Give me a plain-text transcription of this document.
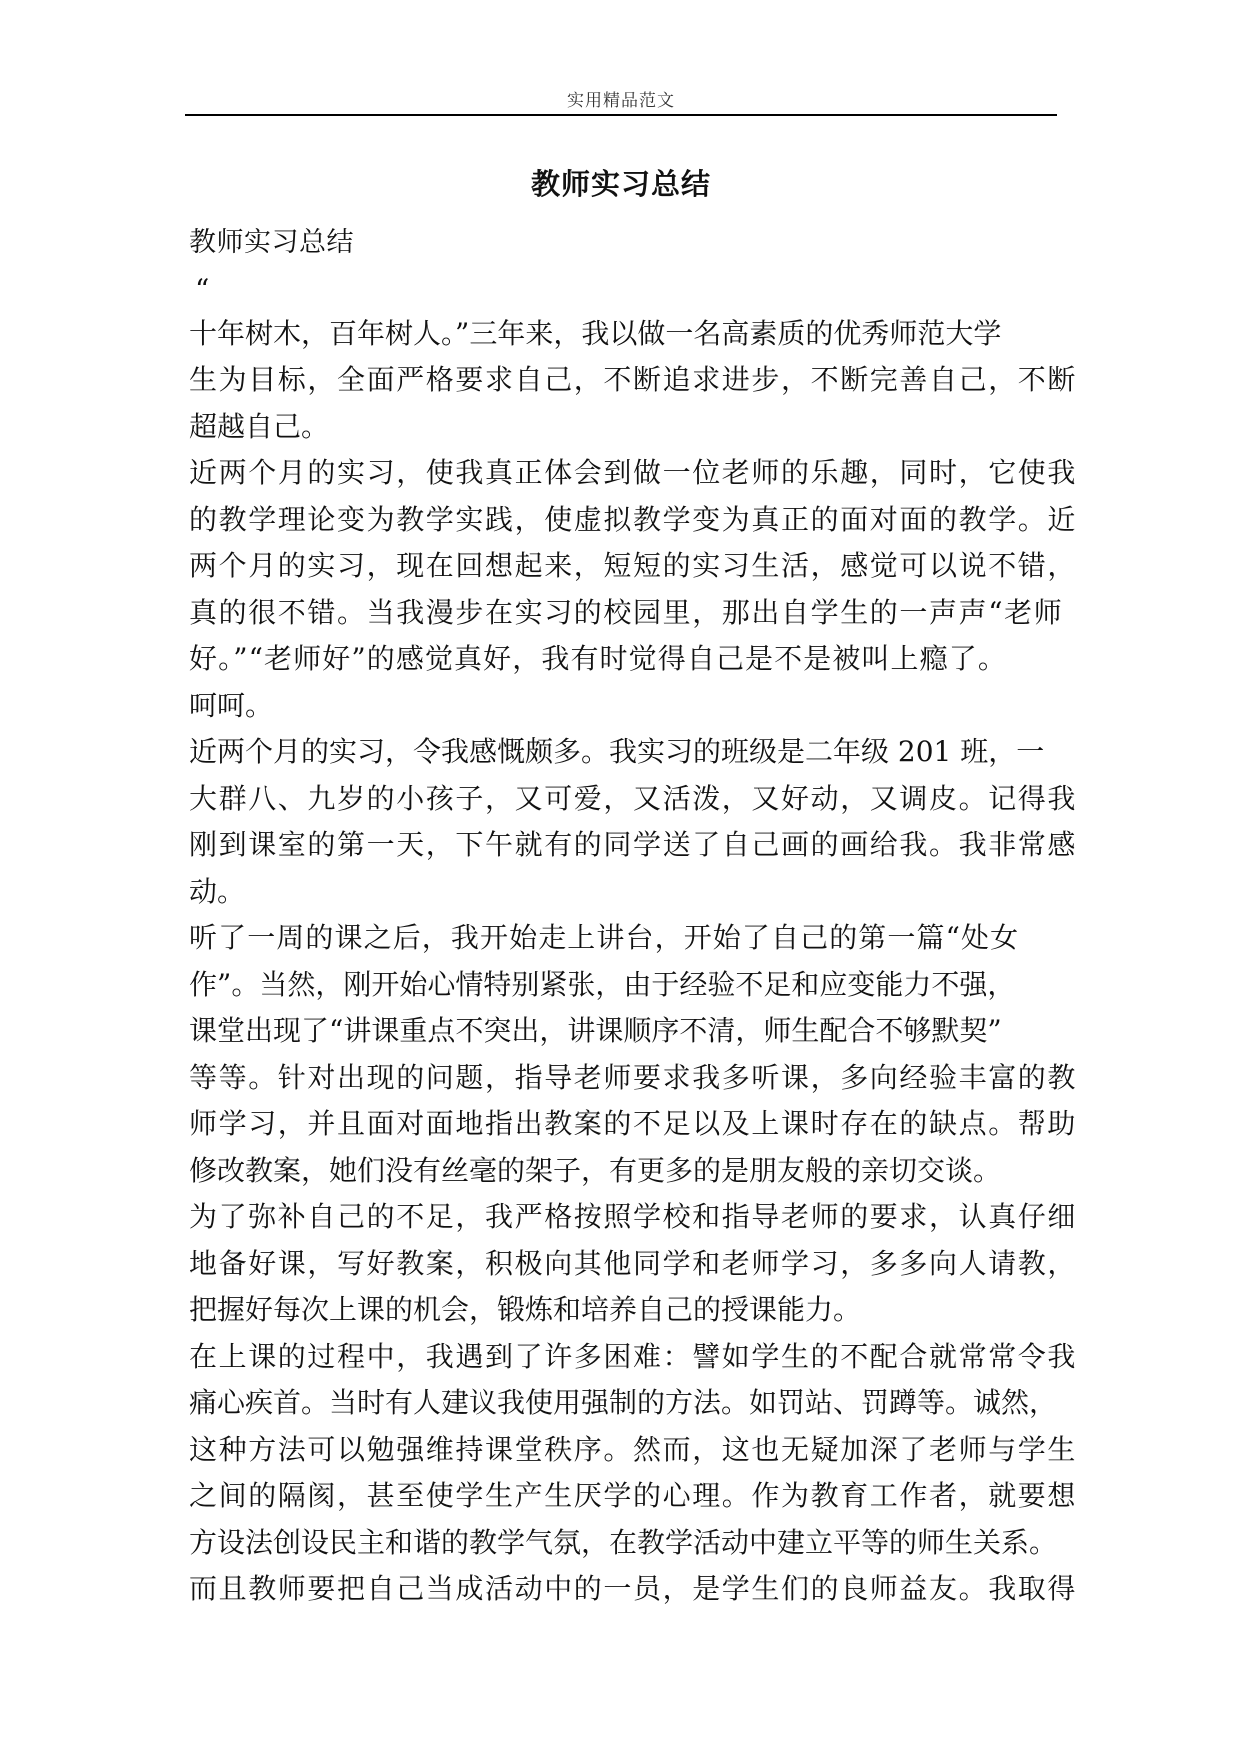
实用精品范文
教师实习总结
教师实习总结
“
十年树木，百年树人。”三年来，我以做一名高素质的优秀师范大学
生为目标，全面严格要求自己，不断追求进步，不断完善自己，不断
超越自己。
近两个月的实习，使我真正体会到做一位老师的乐趣，同时，它使我
的教学理论变为教学实践，使虚拟教学变为真正的面对面的教学。近
两个月的实习，现在回想起来，短短的实习生活，感觉可以说不错，
真的很不错。当我漫步在实习的校园里，那出自学生的一声声“老师
好。”“老师好”的感觉真好，我有时觉得自己是不是被叫上瘾了。
呵呵。
近两个月的实习，令我感慨颇多。我实习的班级是二年级 201 班，一
大群八、九岁的小孩子，又可爱，又活泼，又好动，又调皮。记得我
刚到课室的第一天，下午就有的同学送了自己画的画给我。我非常感
动。
听了一周的课之后，我开始走上讲台，开始了自己的第一篇“处女
作”。当然，刚开始心情特别紧张，由于经验不足和应变能力不强，
课堂出现了“讲课重点不突出，讲课顺序不清，师生配合不够默契”
等等。针对出现的问题，指导老师要求我多听课，多向经验丰富的教
师学习，并且面对面地指出教案的不足以及上课时存在的缺点。帮助
修改教案，她们没有丝毫的架子，有更多的是朋友般的亲切交谈。
为了弥补自己的不足，我严格按照学校和指导老师的要求，认真仔细
地备好课，写好教案，积极向其他同学和老师学习，多多向人请教，
把握好每次上课的机会，锻炼和培养自己的授课能力。
在上课的过程中，我遇到了许多困难：譬如学生的不配合就常常令我
痛心疾首。当时有人建议我使用强制的方法。如罚站、罚蹲等。诚然，
这种方法可以勉强维持课堂秩序。然而，这也无疑加深了老师与学生
之间的隔阂，甚至使学生产生厌学的心理。作为教育工作者，就要想
方设法创设民主和谐的教学气氛，在教学活动中建立平等的师生关系。
而且教师要把自己当成活动中的一员，是学生们的良师益友。我取得
